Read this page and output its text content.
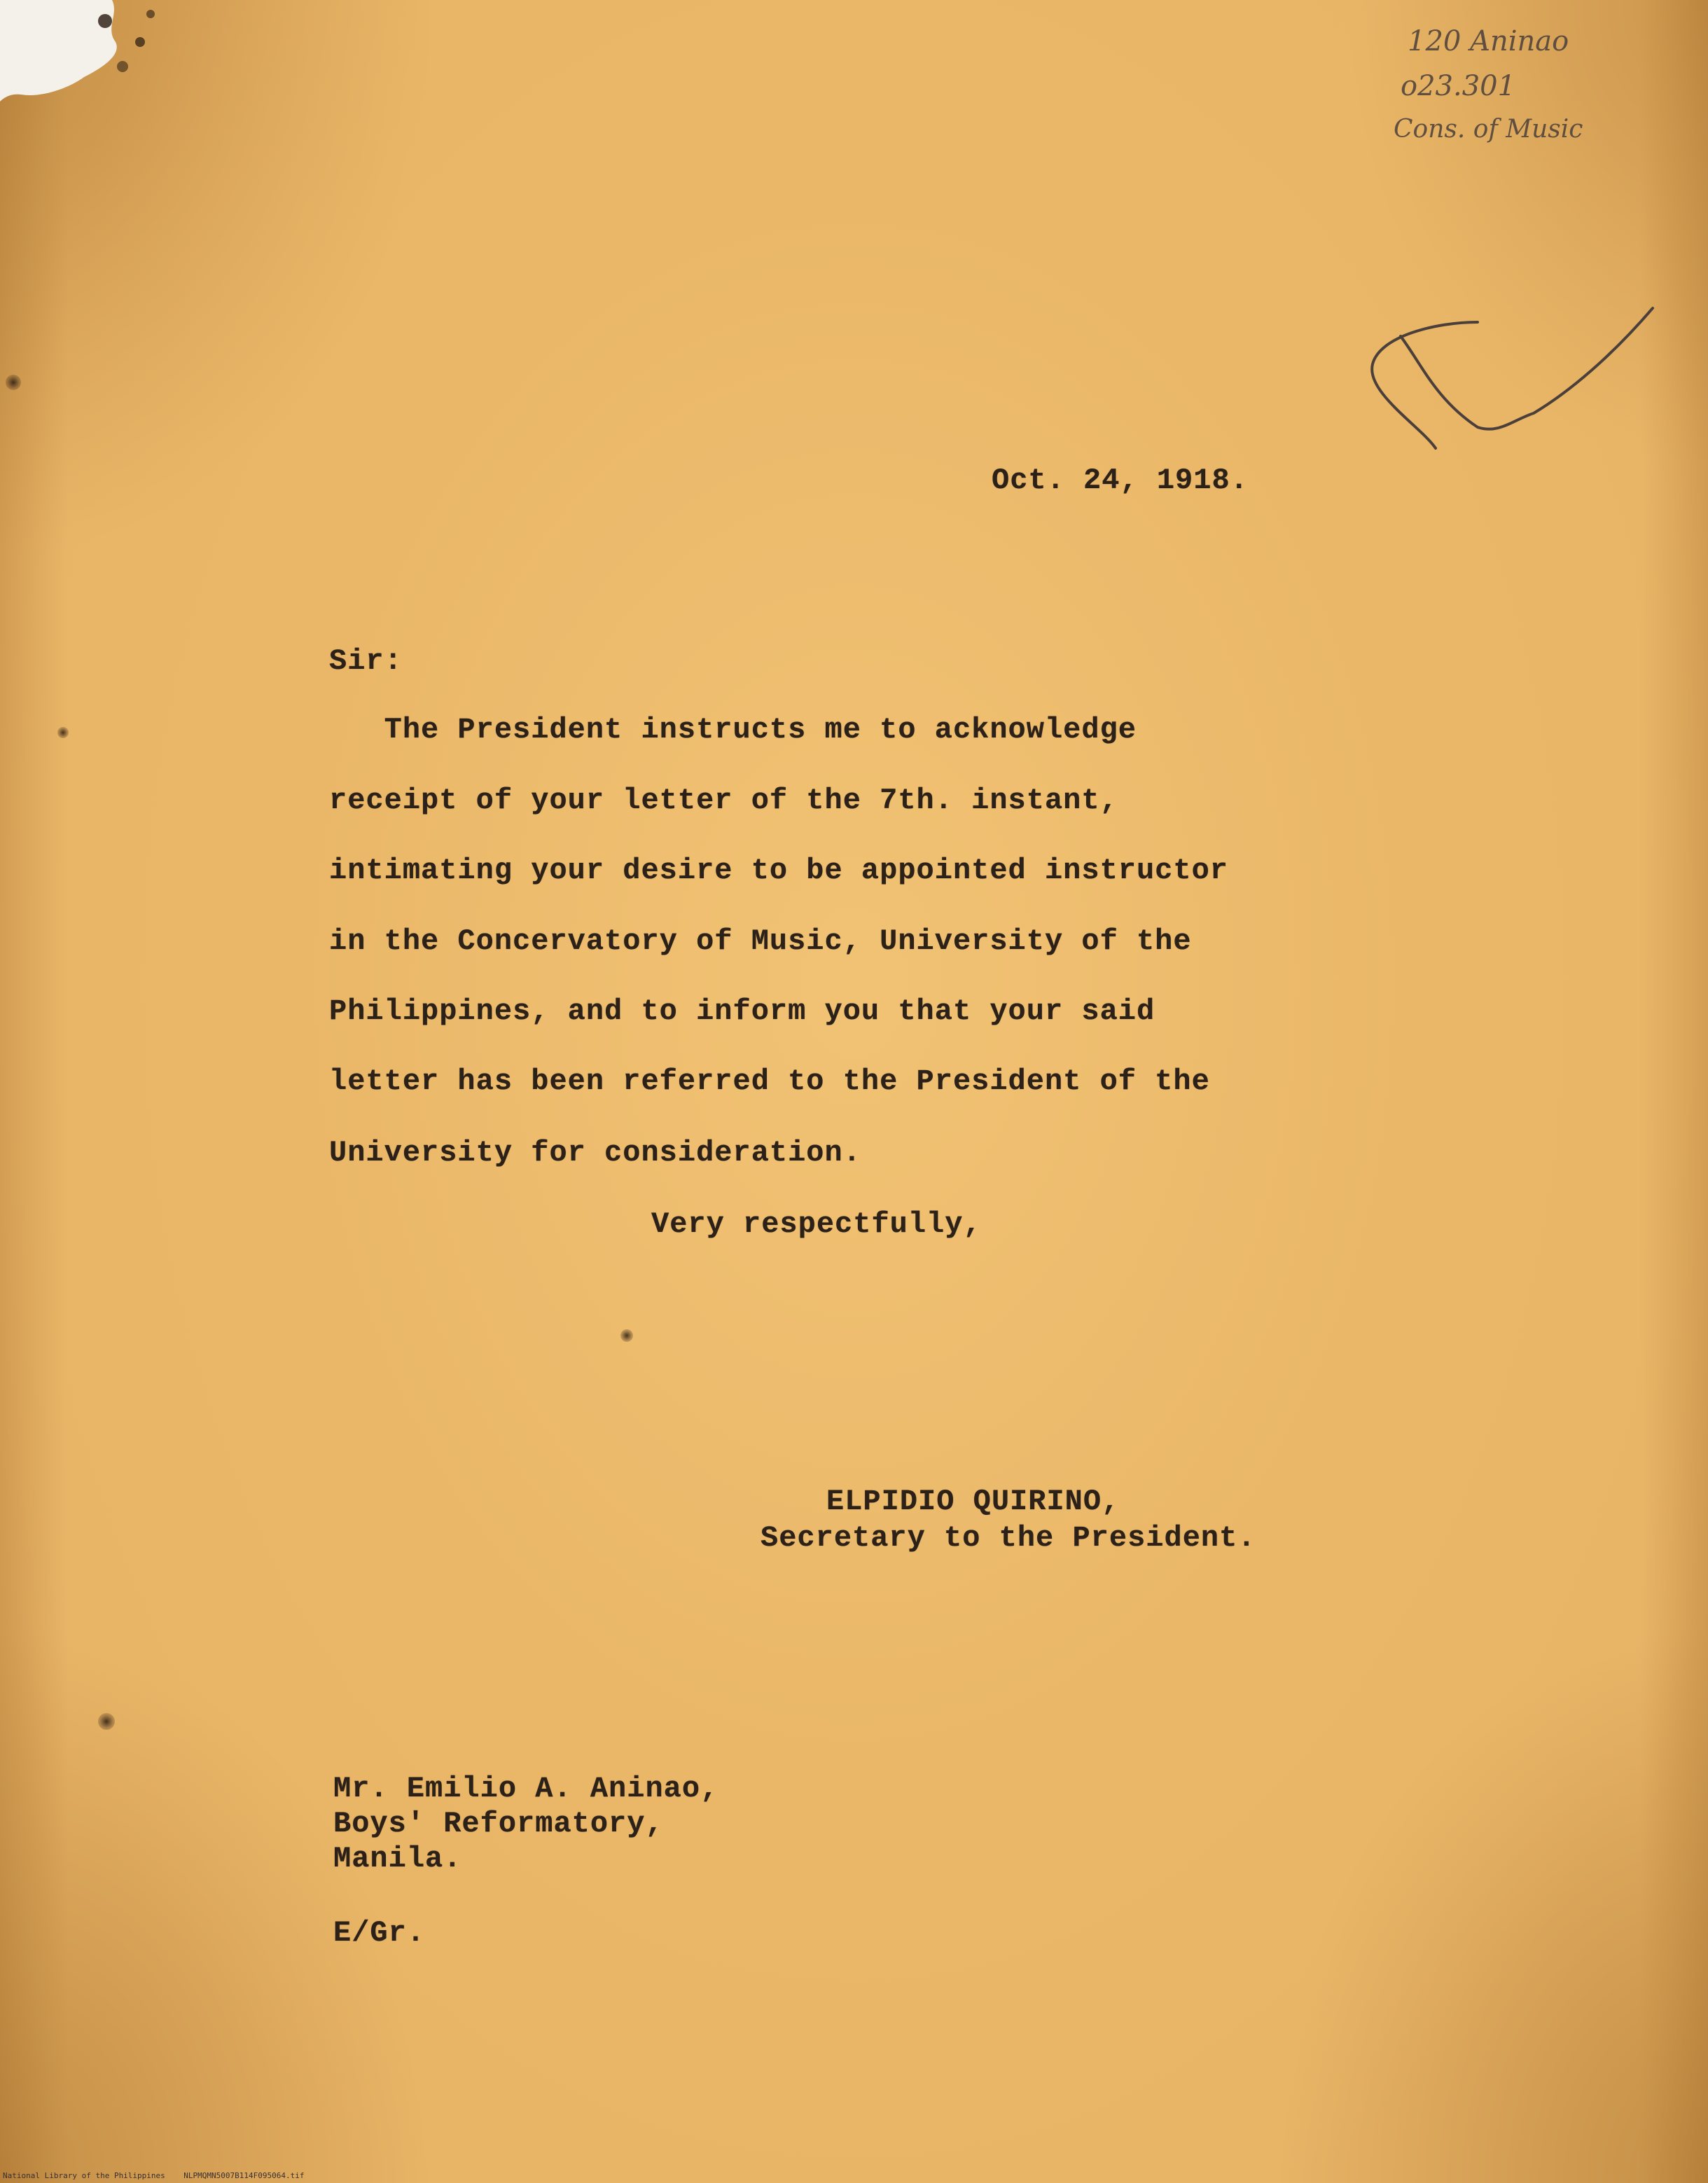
120 Aninao
o23.301
Cons. of Music
Oct. 24, 1918.
Sir:
The President instructs me to acknowledge
receipt of your letter of the 7th. instant,
intimating your desire to be appointed instructor
in the Concervatory of Music, University of the
Philippines, and to inform you that your said
letter has been referred to the President of the
University for consideration.
Very respectfully,
ELPIDIO QUIRINO,
Secretary to the President.
Mr. Emilio A. Aninao,
Boys' Reformatory,
Manila.
E/Gr.
National Library of the Philippines NLPMQMN5007B114F095064.tif
